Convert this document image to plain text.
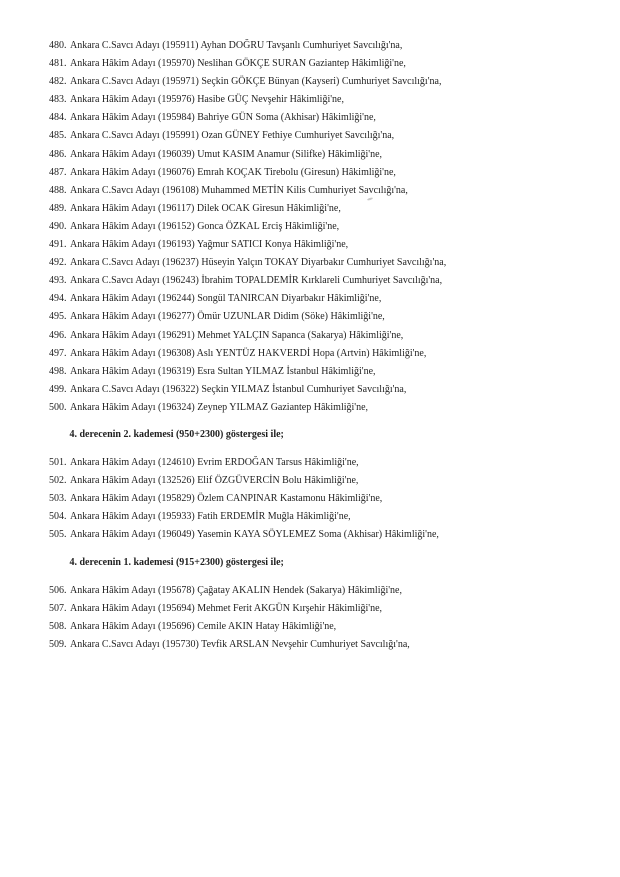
480. Ankara C.Savcı Adayı (195911) Ayhan DOĞRU Tavşanlı Cumhuriyet Savcılığı'na,
481. Ankara Hâkim Adayı (195970) Neslihan GÖKÇE SURAN Gaziantep Hâkimliği'ne,
482. Ankara C.Savcı Adayı (195971) Seçkin GÖKÇE Bünyan (Kayseri) Cumhuriyet Savcılığı'na,
483. Ankara Hâkim Adayı (195976) Hasibe GÜÇ Nevşehir Hâkimliği'ne,
484. Ankara Hâkim Adayı (195984) Bahriye GÜN Soma (Akhisar) Hâkimliği'ne,
485. Ankara C.Savcı Adayı (195991) Ozan GÜNEY Fethiye Cumhuriyet Savcılığı'na,
486. Ankara Hâkim Adayı (196039) Umut KASIM Anamur (Silifke) Hâkimliği'ne,
487. Ankara Hâkim Adayı (196076) Emrah KOÇAK Tirebolu (Giresun) Hâkimliği'ne,
488. Ankara C.Savcı Adayı (196108) Muhammed METİN Kilis Cumhuriyet Savcılığı'na,
489. Ankara Hâkim Adayı (196117) Dilek OCAK Giresun Hâkimliği'ne,
490. Ankara Hâkim Adayı (196152) Gonca ÖZKAL Erciş Hâkimliği'ne,
491. Ankara Hâkim Adayı (196193) Yağmur SATICI Konya Hâkimliği'ne,
492. Ankara C.Savcı Adayı (196237) Hüseyin Yalçın TOKAY Diyarbakır Cumhuriyet Savcılığı'na,
493. Ankara C.Savcı Adayı (196243) İbrahim TOPALDEMİR Kırklareli Cumhuriyet Savcılığı'na,
494. Ankara Hâkim Adayı (196244) Songül TANIRCAN Diyarbakır Hâkimliği'ne,
495. Ankara Hâkim Adayı (196277) Ömür UZUNLAR Didim (Söke) Hâkimliği'ne,
496. Ankara Hâkim Adayı (196291) Mehmet YALÇIN Sapanca (Sakarya) Hâkimliği'ne,
497. Ankara Hâkim Adayı (196308) Aslı YENTÜZ HAKVERDİ Hopa (Artvin) Hâkimliği'ne,
498. Ankara Hâkim Adayı (196319) Esra Sultan YILMAZ İstanbul Hâkimliği'ne,
499. Ankara C.Savcı Adayı (196322) Seçkin YILMAZ İstanbul Cumhuriyet Savcılığı'na,
500. Ankara Hâkim Adayı (196324) Zeynep YILMAZ Gaziantep Hâkimliği'ne,
4. derecenin 2. kademesi (950+2300) göstergesi ile;
501. Ankara Hâkim Adayı (124610) Evrim ERDOĞAN Tarsus Hâkimliği'ne,
502. Ankara Hâkim Adayı (132526) Elif ÖZGÜVERCİN Bolu Hâkimliği'ne,
503. Ankara Hâkim Adayı (195829) Özlem CANPINAR Kastamonu Hâkimliği'ne,
504. Ankara Hâkim Adayı (195933) Fatih ERDEMİR Muğla Hâkimliği'ne,
505. Ankara Hâkim Adayı (196049) Yasemin KAYA SÖYLEMEZ Soma (Akhisar) Hâkimliği'ne,
4. derecenin 1. kademesi (915+2300) göstergesi ile;
506. Ankara Hâkim Adayı (195678) Çağatay AKALIN Hendek (Sakarya) Hâkimliği'ne,
507. Ankara Hâkim Adayı (195694) Mehmet Ferit AKGÜN Kırşehir Hâkimliği'ne,
508. Ankara Hâkim Adayı (195696) Cemile AKIN Hatay Hâkimliği'ne,
509. Ankara C.Savcı Adayı (195730) Tevfik ARSLAN Nevşehir Cumhuriyet Savcılığı'na,
